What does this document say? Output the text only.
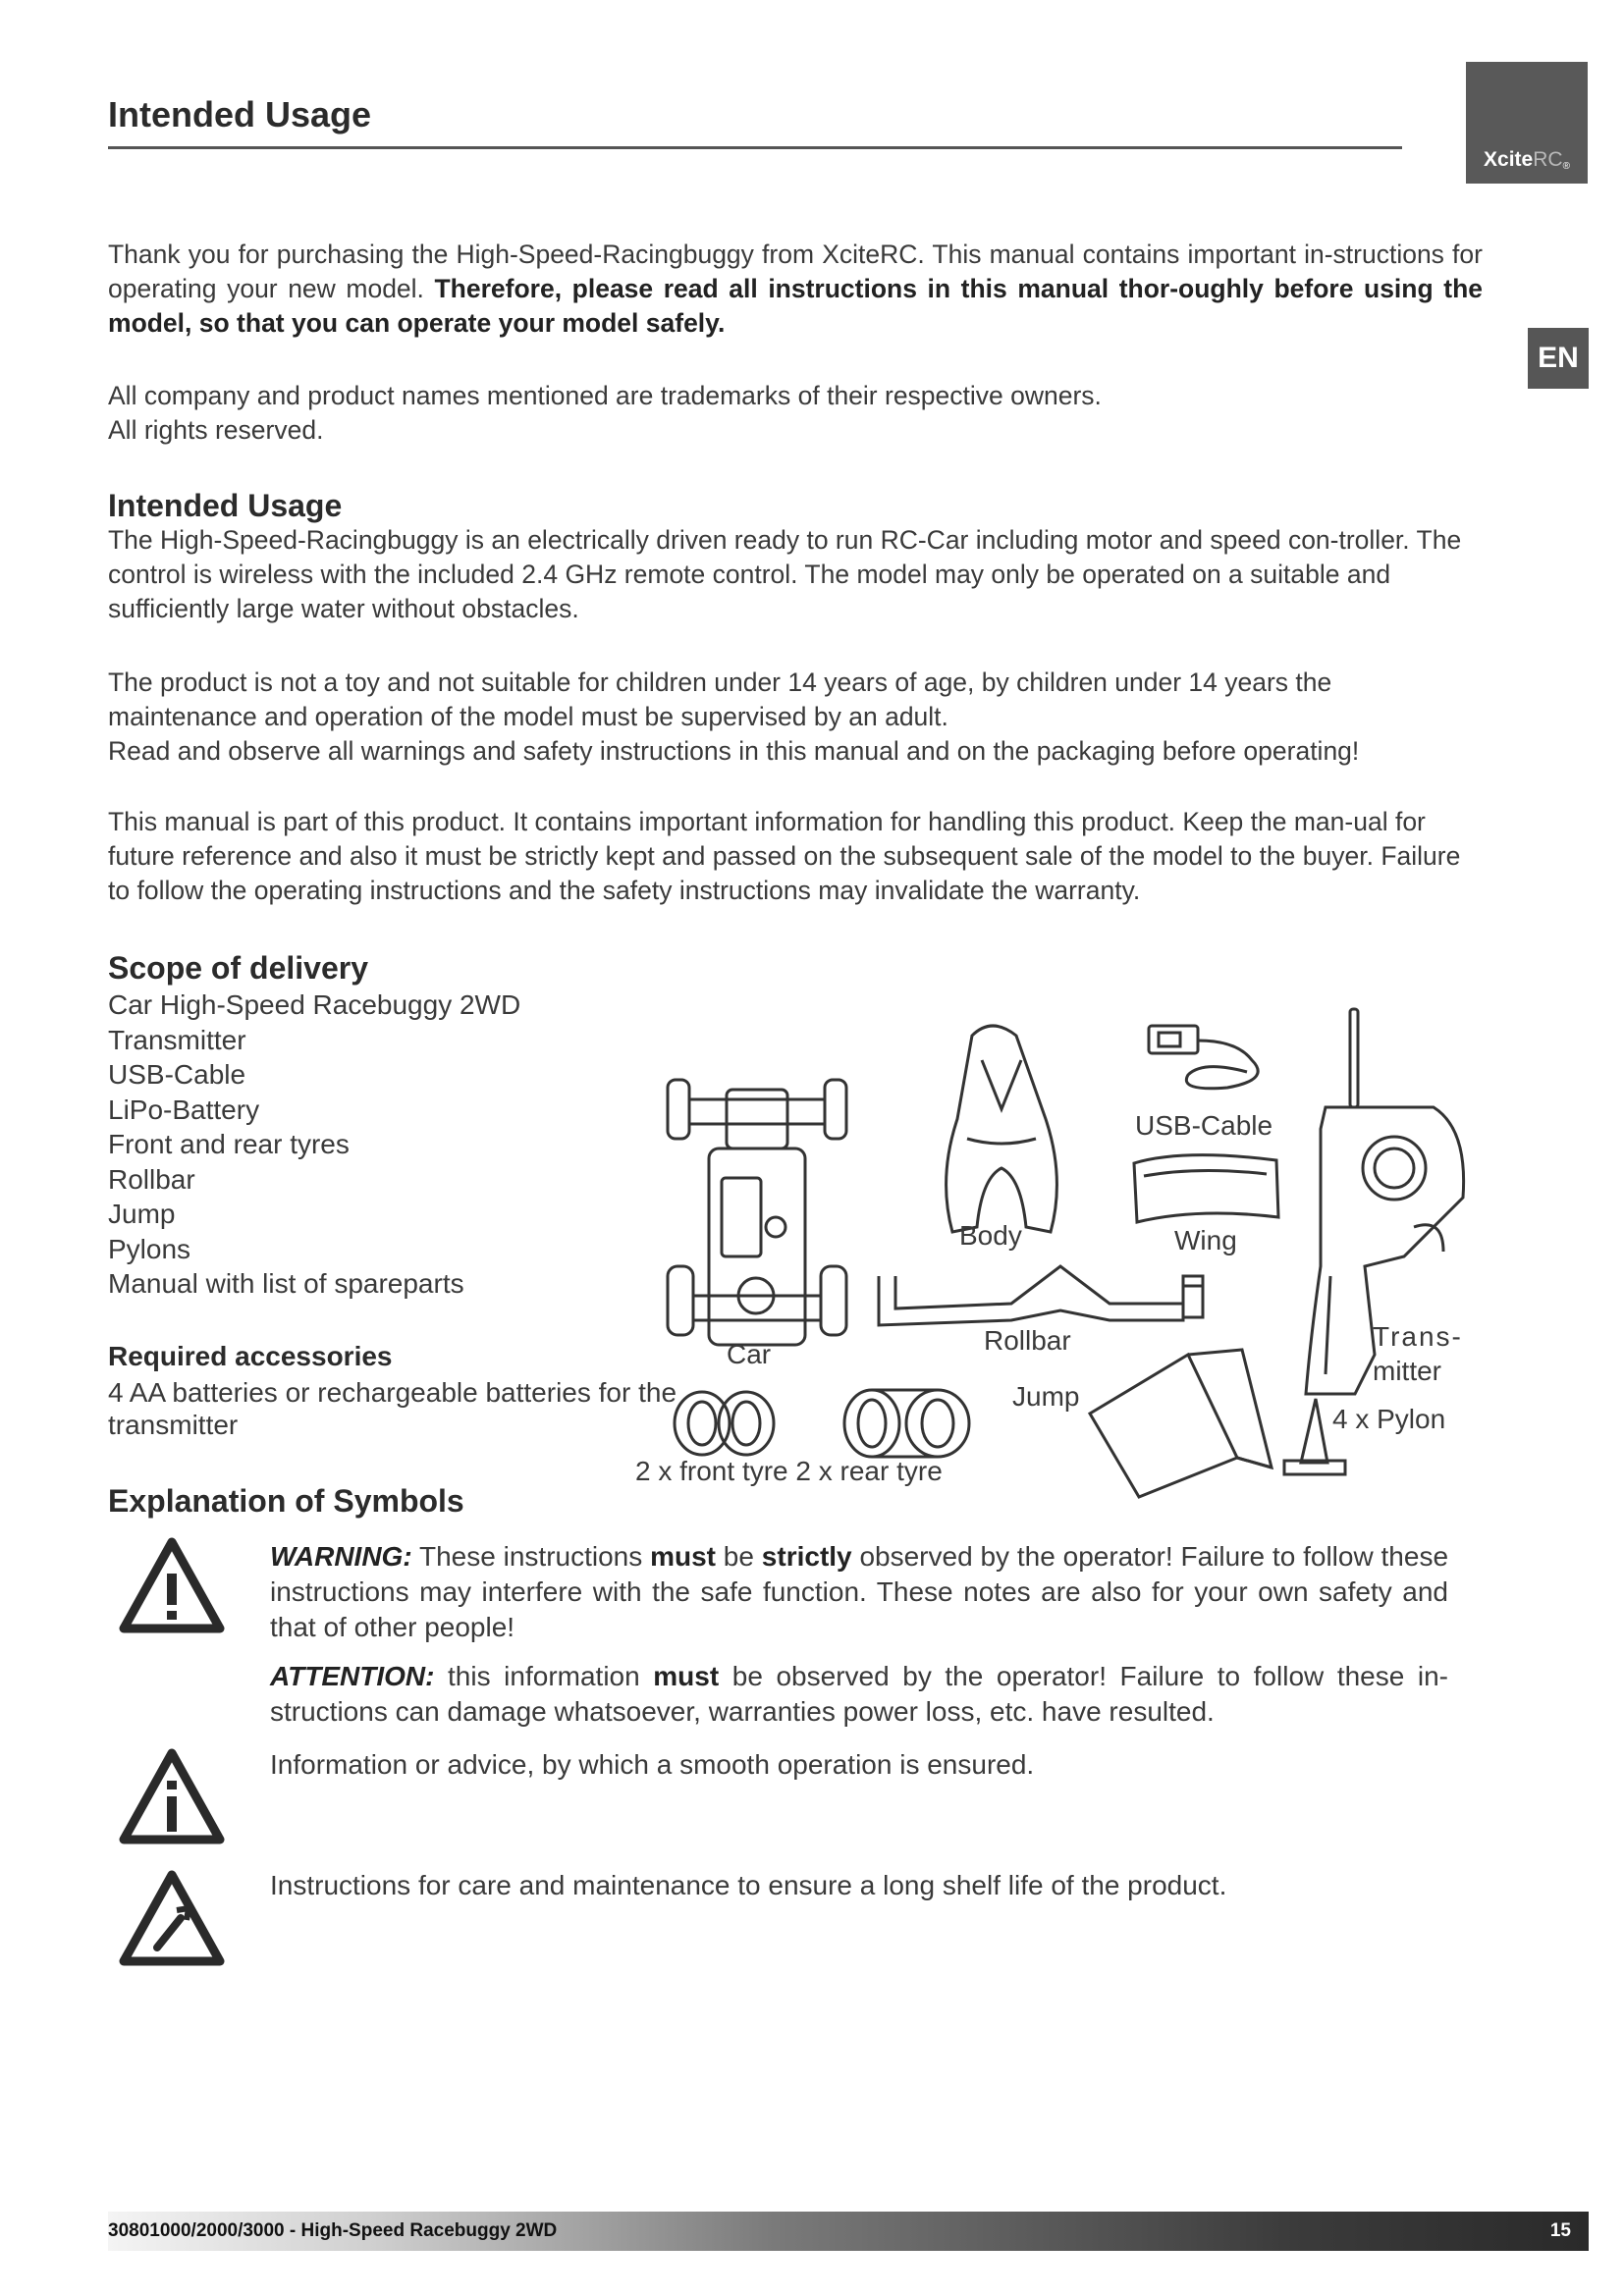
Intended Usage
Xcite $RC_®$
EN

Thank you for purchasing the High-Speed-Racingbuggy from XciteRC. This manual contains important in-structions for operating your new model. Therefore, please read all instructions in this manual thor-oughly before using the model, so that you can operate your model safely.

All company and product names mentioned are trademarks of their respective owners.

All rights reserved.

Intended Usage

The High-Speed-Racingbuggy is an electrically driven ready to run RC-Car including motor and speed con-troller. The control is wireless with the included 2.4 GHz remote control. The model may only be operated on a suitable and sufficiently large water without obstacles.

The product is not a toy and not suitable for children under 14 years of age, by children under 14 years the maintenance and operation of the model must be supervised by an adult.

Read and observe all warnings and safety instructions in this manual and on the packaging before operating!

This manual is part of this product. It contains important information for handling this product. Keep the man-ual for future reference and also it must be strictly kept and passed on the subsequent sale of the model to the buyer. Failure to follow the operating instructions and the safety instructions may invalidate the warranty.

Scope of delivery
Car High-Speed Racebuggy 2WD
Transmitter
USB-Cable
LiPo-Battery
Front and rear tyres
Rollbar
Jump
Pylons
Manual with list of spareparts
Required accessories

4 AA batteries or rechargeable batteries for the transmitter

Car
Body
USB-Cable
Wing
Rollbar
Jump
Trans-
mitter
4 x Pylon
2 x front tyre 2 x rear tyre
Explanation of Symbols

WARNING: These instructions must be strictly observed by the operator! Failure to follow these instructions may interfere with the safe function. These notes are also for your own safety and that of other people!

ATTENTION: this information must be observed by the operator! Failure to follow these in-structions can damage whatsoever, warranties power loss, etc. have resulted.

Information or advice, by which a smooth operation is ensured.

Instructions for care and maintenance to ensure a long shelf life of the product.

30801000/2000/3000 - High-Speed Racebuggy 2WD	15
